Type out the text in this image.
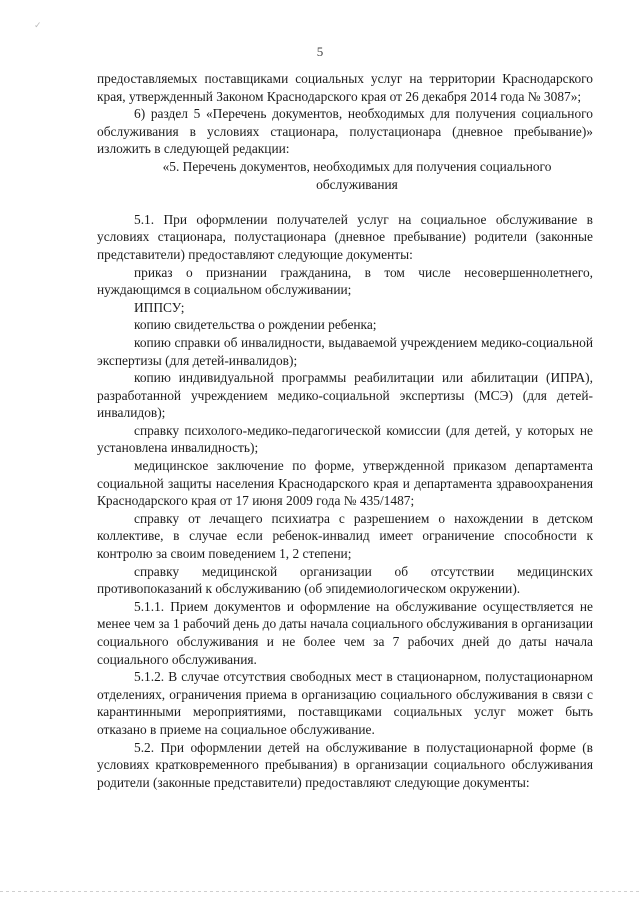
✓
5

предоставляемых поставщиками социальных услуг на территории Краснодарского края, утвержденный Законом Краснодарского края от 26 декабря 2014 года № 3087»;

6) раздел 5 «Перечень документов, необходимых для получения социального обслуживания в условиях стационара, полустационара (дневное пребывание)» изложить в следующей редакции:

«5. Перечень документов, необходимых для получения социального обслуживания

5.1. При оформлении получателей услуг на социальное обслуживание в условиях стационара, полустационара (дневное пребывание) родители (законные представители) предоставляют следующие документы:

приказ о признании гражданина, в том числе несовершеннолетнего, нуждающимся в социальном обслуживании;

ИППСУ;

копию свидетельства о рождении ребенка;

копию справки об инвалидности, выдаваемой учреждением медико-социальной экспертизы (для детей-инвалидов);

копию индивидуальной программы реабилитации или абилитации (ИПРА), разработанной учреждением медико-социальной экспертизы (МСЭ) (для детей-инвалидов);

справку психолого-медико-педагогической комиссии (для детей, у которых не установлена инвалидность);

медицинское заключение по форме, утвержденной приказом департамента социальной защиты населения Краснодарского края и департамента здравоохранения Краснодарского края от 17 июня 2009 года № 435/1487;

справку от лечащего психиатра с разрешением о нахождении в детском коллективе, в случае если ребенок-инвалид имеет ограничение способности к контролю за своим поведением 1, 2 степени;

справку медицинской организации об отсутствии медицинских противопоказаний к обслуживанию (об эпидемиологическом окружении).

5.1.1. Прием документов и оформление на обслуживание осуществляется не менее чем за 1 рабочий день до даты начала социального обслуживания в организации социального обслуживания и не более чем за 7 рабочих дней до даты начала социального обслуживания.

5.1.2. В случае отсутствия свободных мест в стационарном, полустационарном отделениях, ограничения приема в организацию социального обслуживания в связи с карантинными мероприятиями, поставщиками социальных услуг может быть отказано в приеме на социальное обслуживание.

5.2. При оформлении детей на обслуживание в полустационарной форме (в условиях кратковременного пребывания) в организации социального обслуживания родители (законные представители) предоставляют следующие документы:
